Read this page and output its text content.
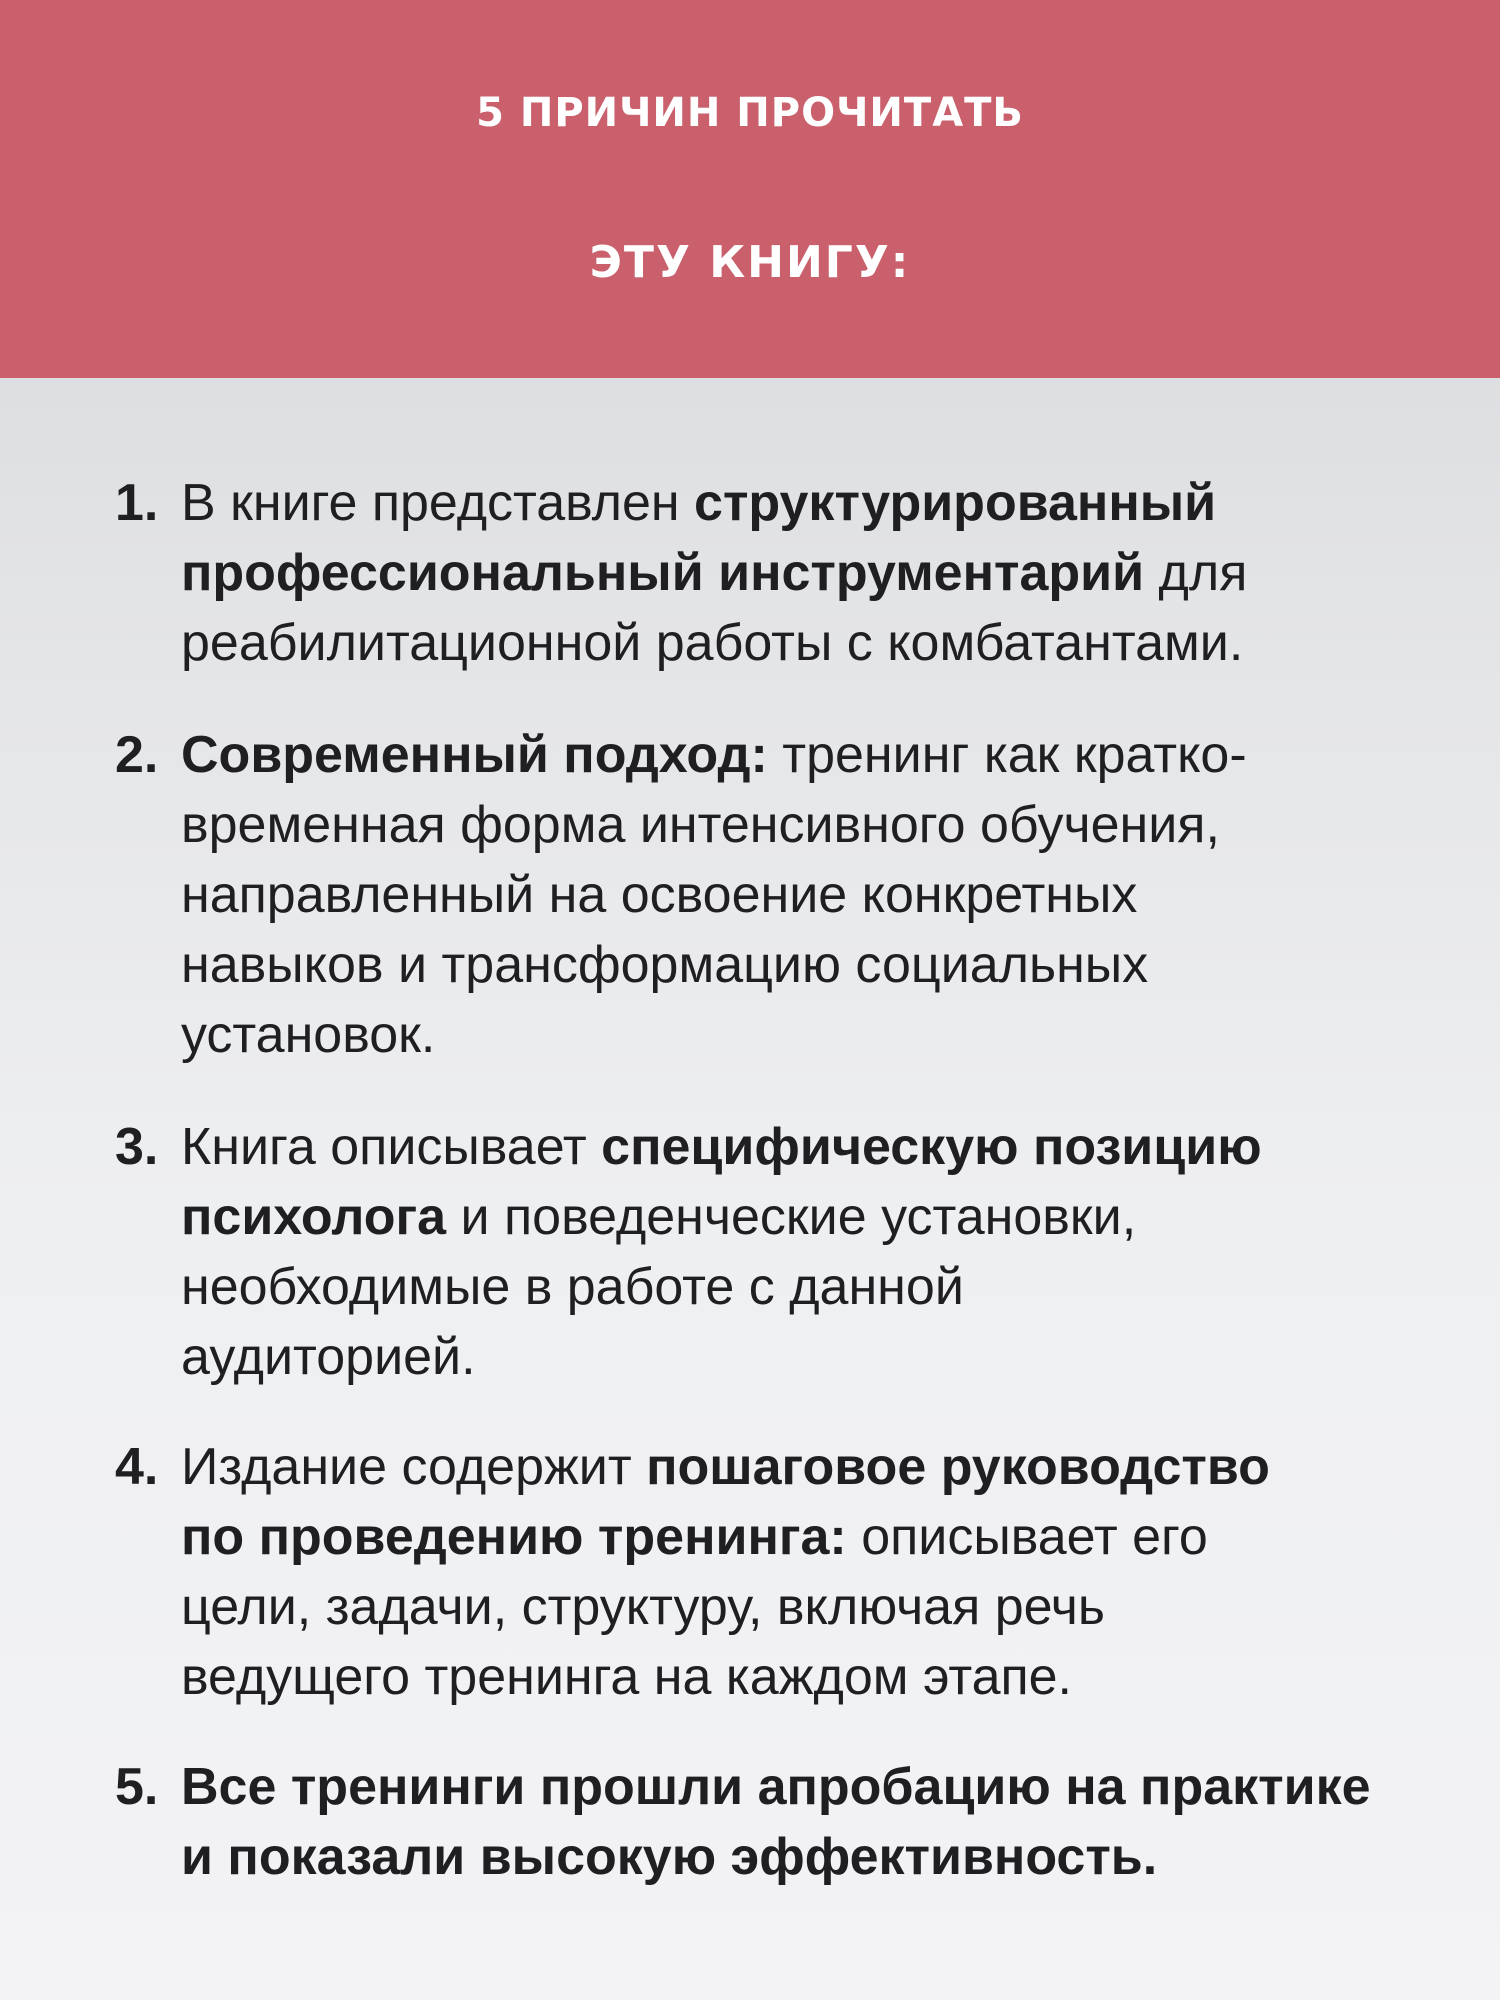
5 ПРИЧИН ПРОЧИТАТЬ
ЭТУ КНИГУ:
1. В книге представлен структурированный
профессиональный инструментарий для
реабилитационной работы с комбатантами.
2. Современный подход: тренинг как кратко-
временная форма интенсивного обучения,
направленный на освоение конкретных
навыков и трансформацию социальных
установок.
3. Книга описывает специфическую позицию
психолога и поведенческие установки,
необходимые в работе с данной
аудиторией.
4. Издание содержит пошаговое руководство
по проведению тренинга: описывает его
цели, задачи, структуру, включая речь
ведущего тренинга на каждом этапе.
5. Все тренинги прошли апробацию на практике
и показали высокую эффективность.
